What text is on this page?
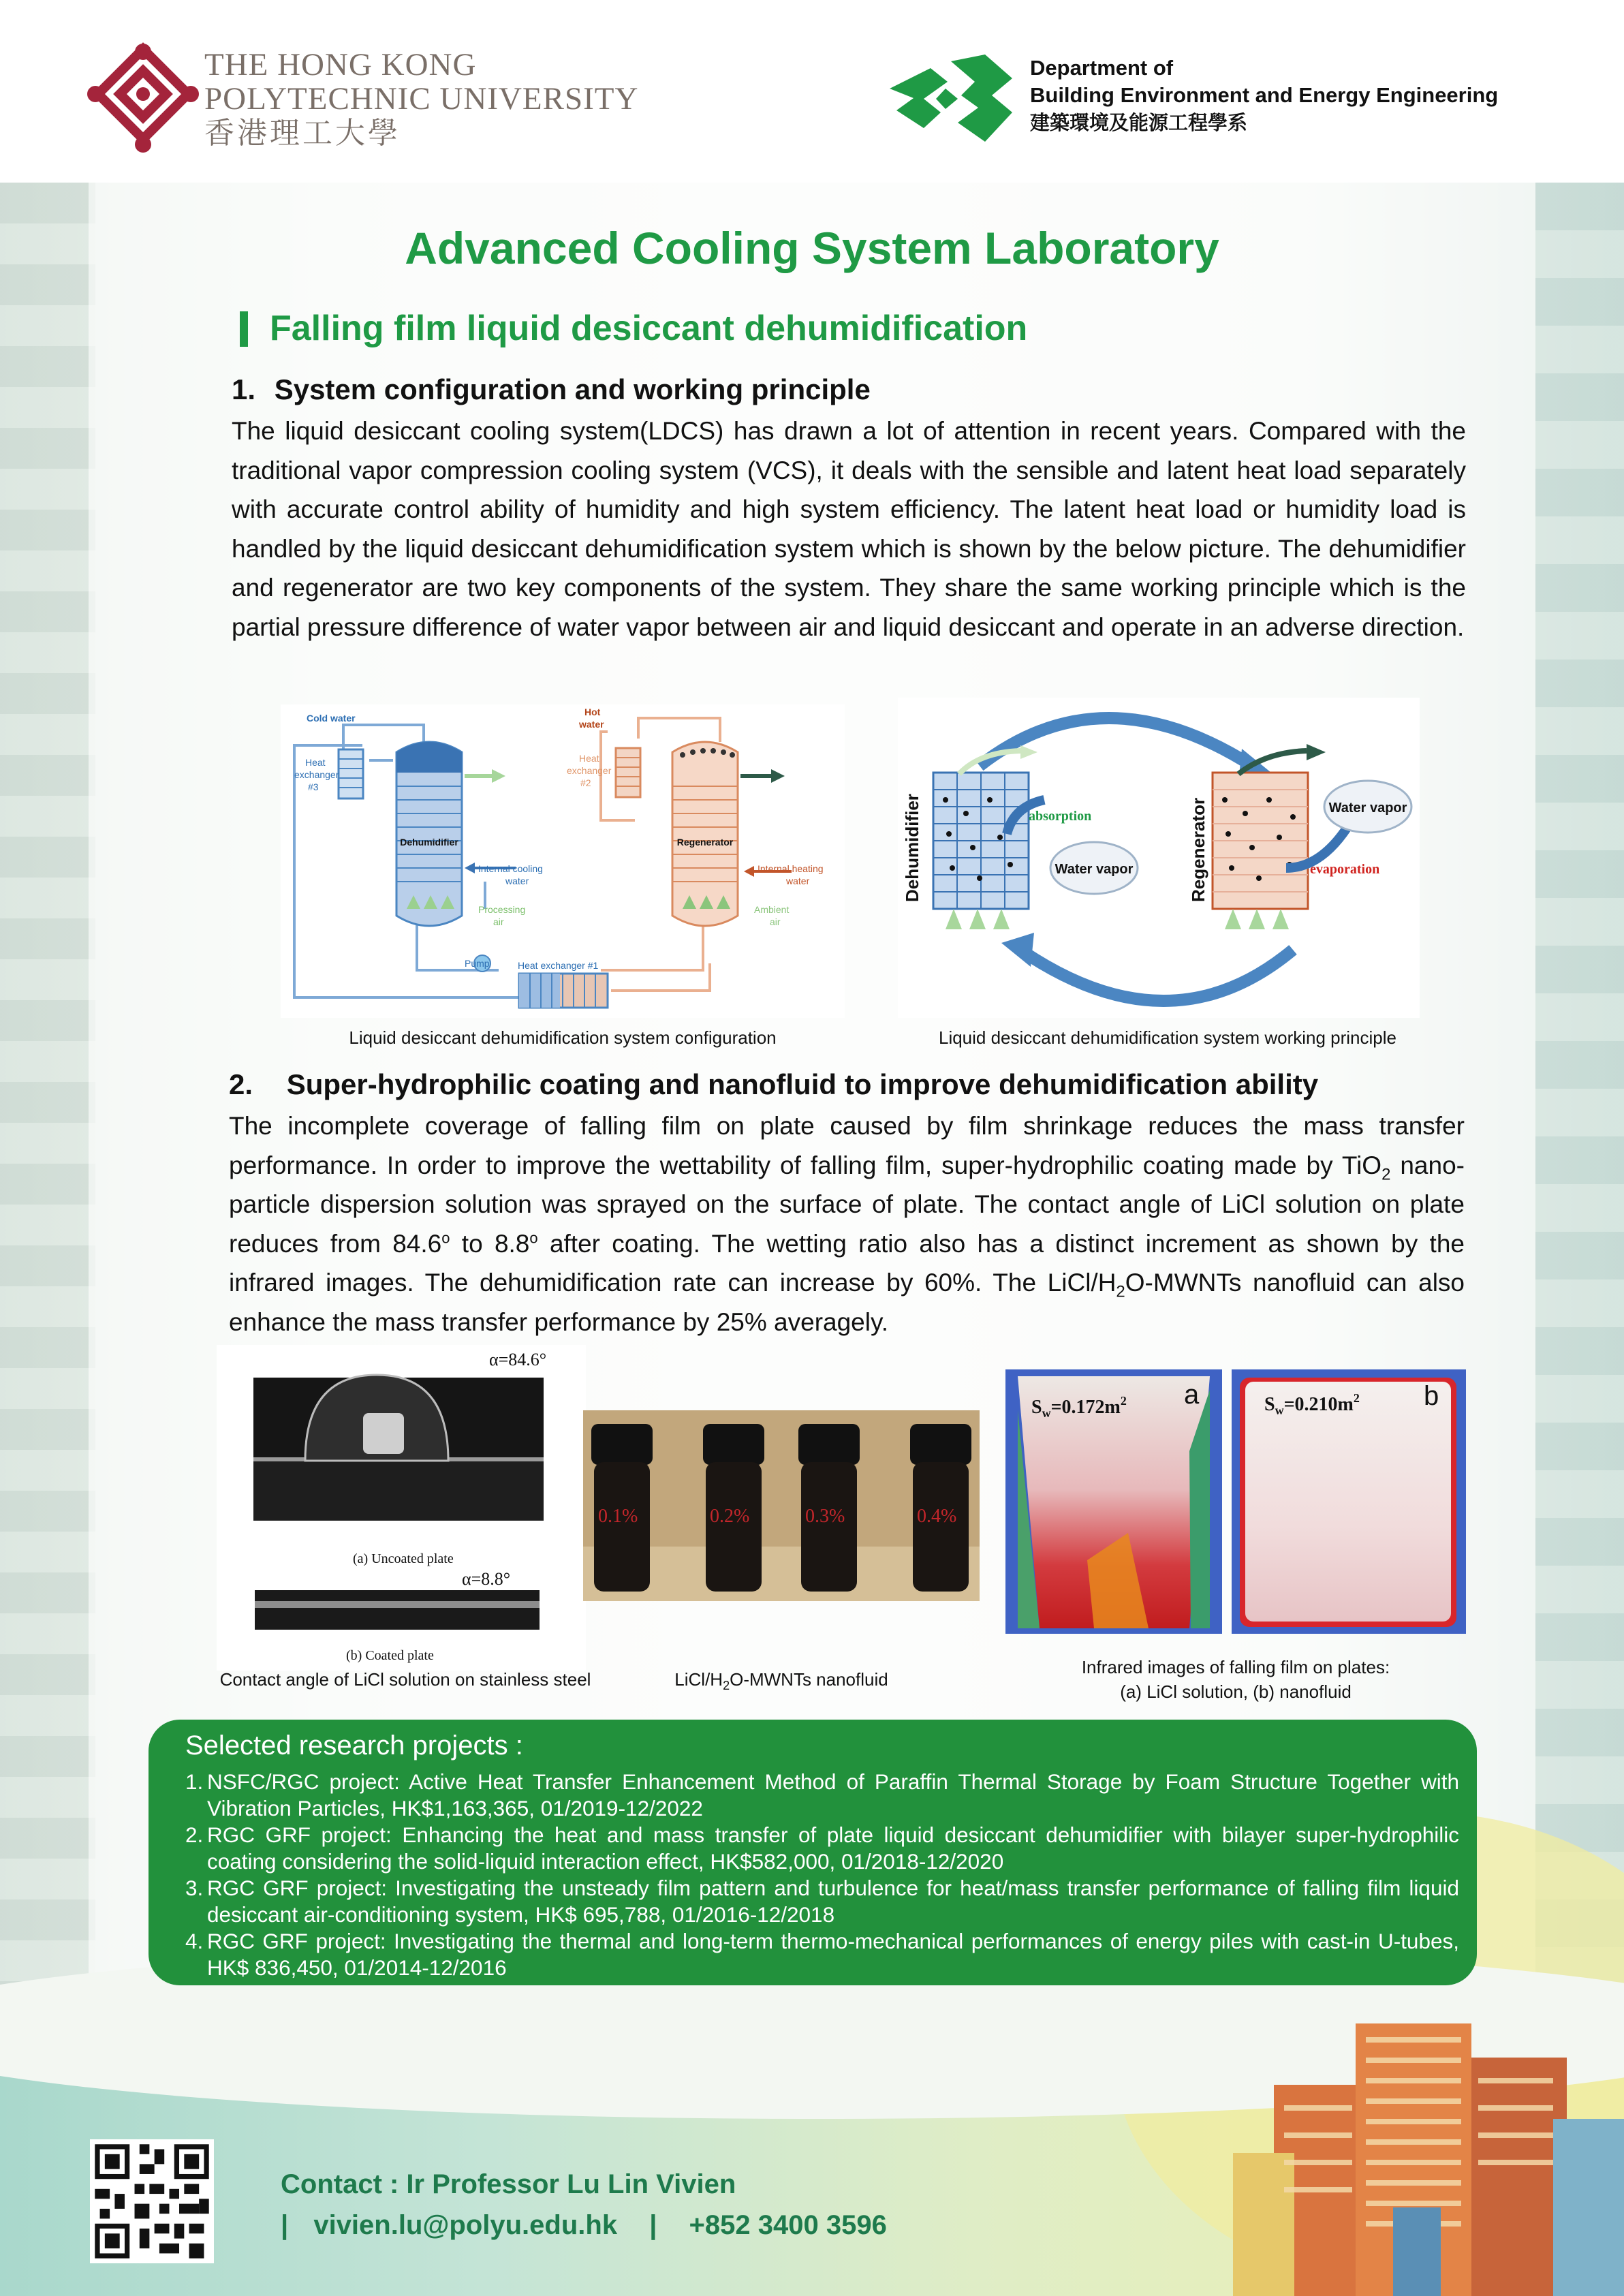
THE HONG KONG
POLYTECHNIC UNIVERSITY
香港理工大學
Department of
Building Environment and Energy Engineering
建築環境及能源工程學系
Advanced Cooling System Laboratory
Falling film liquid desiccant dehumidification
1. System configuration and working principle
The liquid desiccant cooling system(LDCS) has drawn a lot of attention in recent years. Compared with the traditional vapor compression cooling system (VCS), it deals with the sensible and latent heat load separately with accurate control ability of humidity and high system efficiency. The latent heat load or humidity load is handled by the liquid desiccant dehumidification system which is shown by the below picture. The dehumidifier and regenerator are two key components of the system. They share the same working principle which is the partial pressure difference of water vapor between air and liquid desiccant and operate in an adverse direction.
Cold water
Heat
exchanger
#3
Dehumidifier
Internal cooling
water
Processing
air
Pump	Heat exchanger #1
Hot
water
Heat
exchanger
#2
Regenerator
Internal heating
water
Ambient
air
Liquid desiccant dehumidification system configuration
Dehumidifier	absorption
Water vapor	Regenerator	evaporation
Water vapor
Liquid desiccant dehumidification system working principle
2. Super-hydrophilic coating and nanofluid to improve dehumidification ability
The incomplete coverage of falling film on plate caused by film shrinkage reduces the mass transfer performance. In order to improve the wettability of falling film, super-hydrophilic coating made by TiO$_2$ nano-particle dispersion solution was sprayed on the surface of plate. The contact angle of LiCl solution on plate reduces from 84.6$^o$ to 8.8$^o$ after coating. The wetting ratio also has a distinct increment as shown by the infrared images. The dehumidification rate can increase by 60%. The LiCl/$H_2O$-MWNTs nanofluid can also enhance the mass transfer performance by 25% averagely.
α=84.6°
(a) Uncoated plate
α=8.8°
(b) Coated plate
Contact angle of LiCl solution on stainless steel
0.1%	0.2%	0.3%	0.4%
LiCl/$H_2O$-MWNTs nanofluid
$S_w=0.172m^2$ a	$S_w=0.210m^2$ b
Infrared images of falling film on plates:
(a) LiCl solution, (b) nanofluid
Selected research projects :
1. NSFC/RGC project: Active Heat Transfer Enhancement Method of Paraffin Thermal Storage by Foam Structure Together with Vibration Particles, HK$1,163,365, 01/2019-12/2022
2. RGC GRF project: Enhancing the heat and mass transfer of plate liquid desiccant dehumidifier with bilayer super-hydrophilic coating considering the solid-liquid interaction effect, HK$582,000, 01/2018-12/2020
3. RGC GRF project: Investigating the unsteady film pattern and turbulence for heat/mass transfer performance of falling film liquid desiccant air-conditioning system, HK$ 695,788, 01/2016-12/2018
4. RGC GRF project: Investigating the thermal and long-term thermo-mechanical performances of energy piles with cast-in U-tubes, HK$ 836,450, 01/2014-12/2016
Contact : Ir Professor Lu Lin Vivien
| vivien.lu@polyu.edu.hk | +852 3400 3596
